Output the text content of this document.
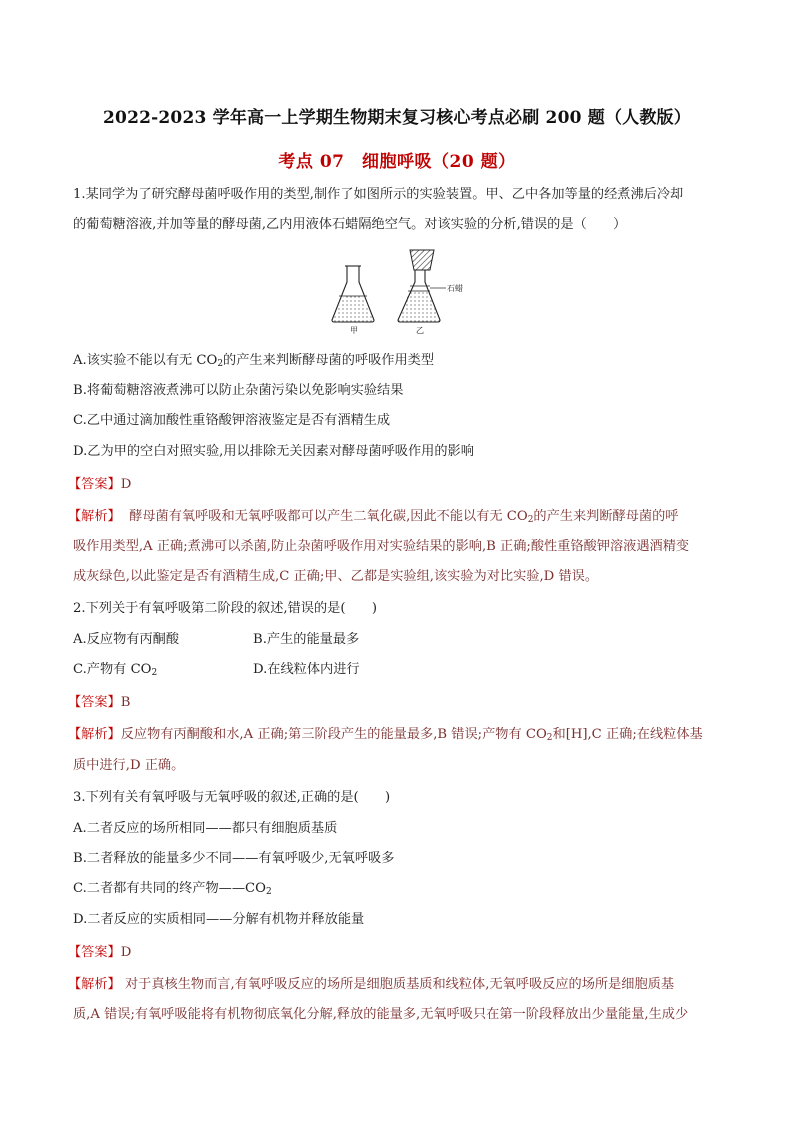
2022-2023 学年高一上学期生物期末复习核心考点必刷 200 题（人教版）
考点 07　细胞呼吸（20 题）
1.某同学为了研究酵母菌呼吸作用的类型,制作了如图所示的实验装置。甲、乙中各加等量的经煮沸后冷却
的葡萄糖溶液,并加等量的酵母菌,乙内用液体石蜡隔绝空气。对该实验的分析,错误的是（　　）
石蜡
甲	乙
A.该实验不能以有无 $CO_2$的产生来判断酵母菌的呼吸作用类型
B.将葡萄糖溶液煮沸可以防止杂菌污染以免影响实验结果
C.乙中通过滴加酸性重铬酸钾溶液鉴定是否有酒精生成
D.乙为甲的空白对照实验,用以排除无关因素对酵母菌呼吸作用的影响
【答案】D
【解析】 酵母菌有氧呼吸和无氧呼吸都可以产生二氧化碳,因此不能以有无 $CO_2$的产生来判断酵母菌的呼
吸作用类型,A 正确;煮沸可以杀菌,防止杂菌呼吸作用对实验结果的影响,B 正确;酸性重铬酸钾溶液遇酒精变
成灰绿色,以此鉴定是否有酒精生成,C 正确;甲、乙都是实验组,该实验为对比实验,D 错误。
2.下列关于有氧呼吸第二阶段的叙述,错误的是(　　)
A.反应物有丙酮酸	B.产生的能量最多
C.产物有 $CO_2$	D.在线粒体内进行
【答案】B
【解析】反应物有丙酮酸和水,A 正确;第三阶段产生的能量最多,B 错误;产物有 $CO_2$和[H],C 正确;在线粒体基
质中进行,D 正确。
3.下列有关有氧呼吸与无氧呼吸的叙述,正确的是(　　)
A.二者反应的场所相同——都只有细胞质基质
B.二者释放的能量多少不同——有氧呼吸少,无氧呼吸多
C.二者都有共同的终产物$——CO_2$
D.二者反应的实质相同——分解有机物并释放能量
【答案】D
【解析】 对于真核生物而言,有氧呼吸反应的场所是细胞质基质和线粒体,无氧呼吸反应的场所是细胞质基
质,A 错误;有氧呼吸能将有机物彻底氧化分解,释放的能量多,无氧呼吸只在第一阶段释放出少量能量,生成少
